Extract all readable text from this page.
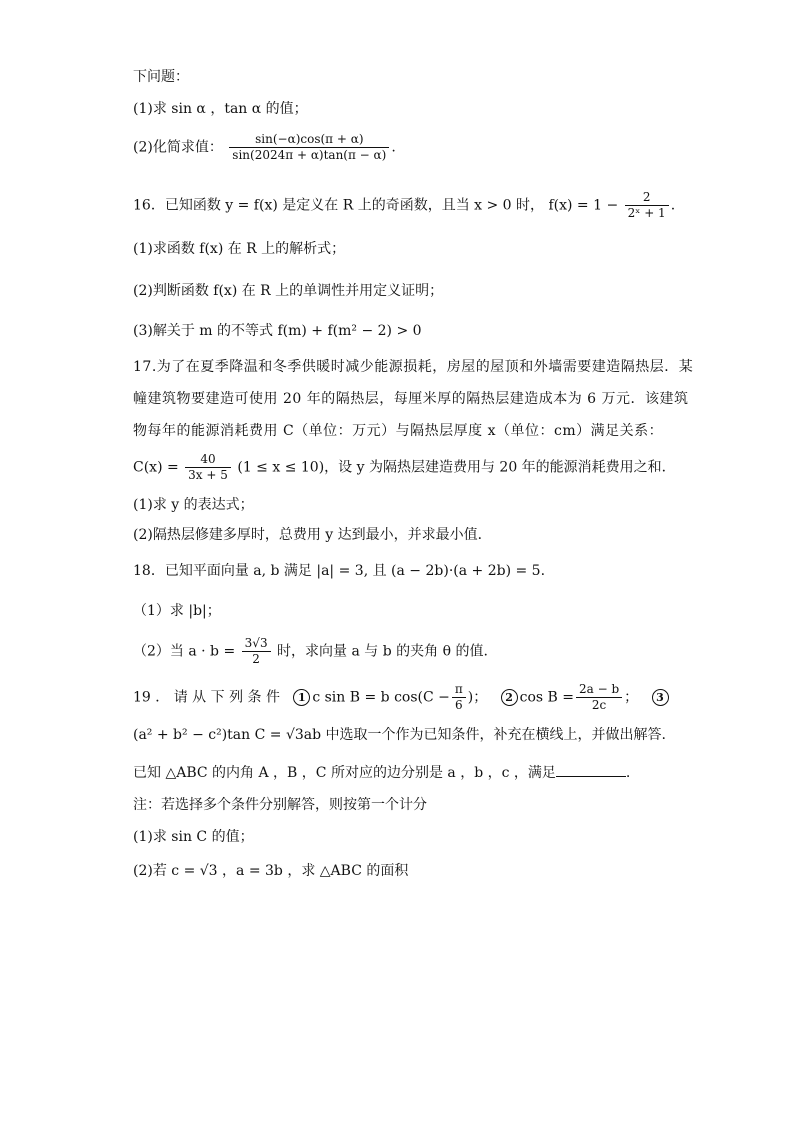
下问题：
(1)求 sin α ，tan α 的值；
(2)化简求值： $\frac{\sin(-\alpha)\cos(\pi + \alpha)}{\sin(2024\pi + \alpha)\tan(\pi - \alpha)}$ .
16．已知函数 y = f(x) 是定义在 R 上的奇函数，且当 x > 0 时， $f(x) = 1 - \frac{2}{\text{2ˣ + 1}}$ .
(1)求函数 f(x) 在 R 上的解析式；
(2)判断函数 f(x) 在 R 上的单调性并用定义证明；
(3)解关于 m 的不等式 f(m) + f(m² − 2) > 0
17.为了在夏季降温和冬季供暖时减少能源损耗，房屋的屋顶和外墙需要建造隔热层．某
幢建筑物要建造可使用 20 年的隔热层，每厘米厚的隔热层建造成本为 6 万元．该建筑
物每年的能源消耗费用 C（单位：万元）与隔热层厚度 x（单位：cm）满足关系：
$C(x) = \frac{40}{3x + 5} (1 \le x \le 10)$，设 y 为隔热层建造费用与 20 年的能源消耗费用之和．
(1)求 y 的表达式；
(2)隔热层修建多厚时，总费用 y 达到最小，并求最小值．
18．已知平面向量 a, b 满足 |a| = 3, 且 (a − 2b)·(a + 2b) = 5.
（1）求 |b|；
（2）当 $a \cdot b = \frac{3√3}{2}$ 时，求向量 a 与 b 的夹角 θ 的值.
19 ． 请 从 下 列 条 件 1 c sin B = b $\cos(C - \frac{\pi}{6}$ )； 2 $\cos B = \frac{2a - b}{2c}$ ； 3
(a² + b² − c²)tan C = √3ab 中选取一个作为已知条件，补充在横线上，并做出解答.
已知 △ABC 的内角 A ，B ，C 所对应的边分别是 a ，b ，c ，满足	.
注：若选择多个条件分别解答，则按第一个计分
(1)求 sin C 的值；
(2)若 c = √3 ，a = 3b ，求 △ABC 的面积
